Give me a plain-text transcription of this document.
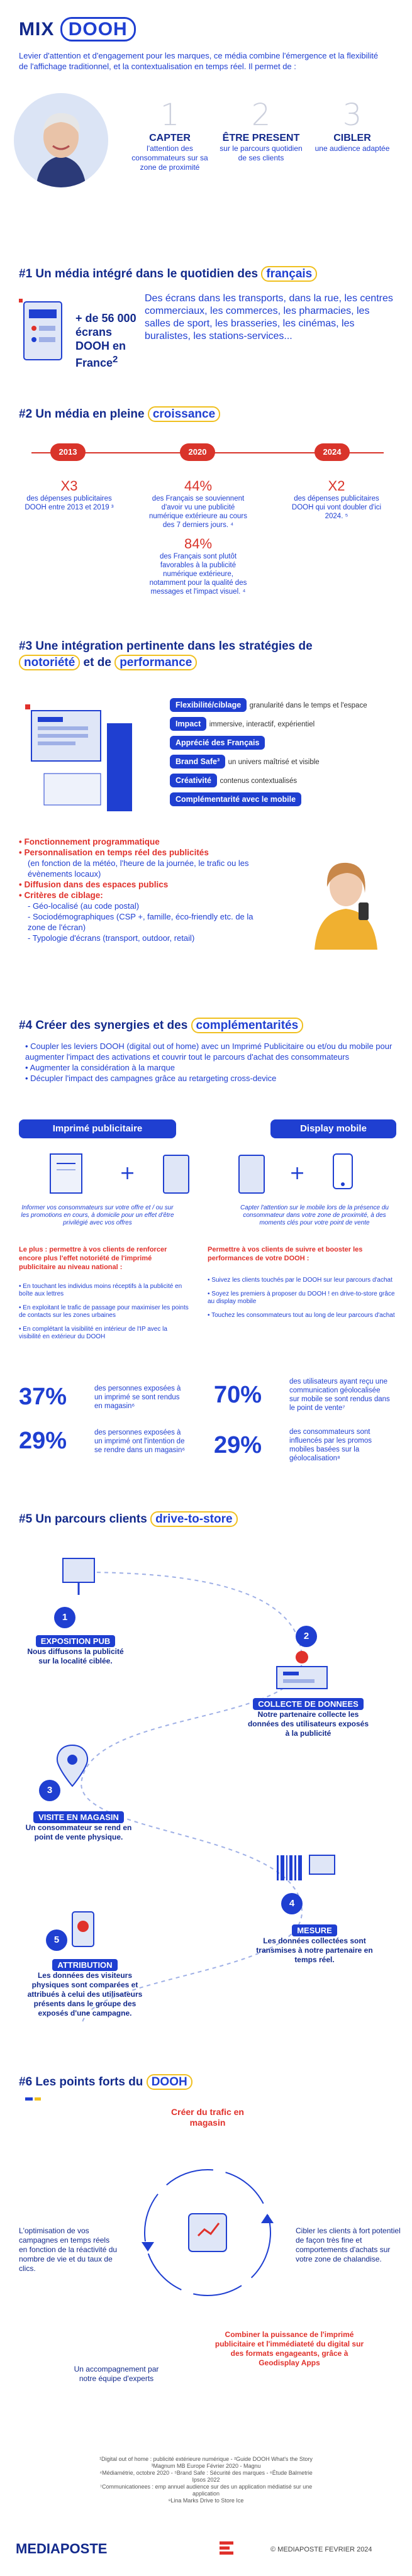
MIX DOOH
Levier d'attention et d'engagement pour les marques, ce média combine l'émergence et la flexibilité de l'affichage traditionnel, et la contextualisation en temps réel. Il permet de :
1
CAPTER
l'attention des consommateurs sur sa zone de proximité
2
ÊTRE PRESENT
sur le parcours quotidien de ses clients
3
CIBLER
une audience adaptée
#1 Un média intégré dans le quotidien des français
+ de 56 000 écrans DOOH en France$^2$
Des écrans dans les transports, dans la rue, les centres commerciaux, les commerces, les pharmacies, les salles de sport, les brasseries, les cinémas, les buralistes, les stations-services...
#2 Un média en pleine croissance
2013	2020	2024
X3
des dépenses publicitaires DOOH entre 2013 et 2019 ³
44%
des Français se souviennent d'avoir vu une publicité numérique extérieure au cours des 7 derniers jours. ⁴
84%
des Français sont plutôt favorables à la publicité numérique extérieure, notamment pour la qualité des messages et l'impact visuel. ⁴
X2
des dépenses publicitaires DOOH qui vont doubler d'ici 2024. ⁵
#3 Une intégration pertinente dans les stratégies de
notoriété et de performance
Flexibilité/ciblage granularité dans le temps et l'espace
Impact immersive, interactif, expérientiel
Apprécié des Français
Brand Safe³ un univers maîtrisé et visible
Créativité contenus contextualisés
Complémentarité avec le mobile
• Fonctionnement programmatique
• Personnalisation en temps réel des publicités
(en fonction de la météo, l'heure de la journée, le trafic ou les évènements locaux)
• Diffusion dans des espaces publics
• Critères de ciblage:
- Géo-localisé (au code postal)
- Sociodémographiques (CSP +, famille, éco-friendly etc. de la zone de l'écran)
- Typologie d'écrans (transport, outdoor, retail)
#4 Créer des synergies et des complémentarités
• Coupler les leviers DOOH (digital out of home) avec un Imprimé Publicitaire ou et/ou du mobile pour augmenter l'impact des activations et couvrir tout le parcours d'achat des consommateurs
• Augmenter la considération à la marque
• Décupler l'impact des campagnes grâce au retargeting cross-device
Imprimé publicitaire	Display mobile
+	+
Informer vos consommateurs sur votre offre et / ou sur les promotions en cours, à domicile pour un effet d'être privilégié avec vos offres
Capter l'attention sur le mobile lors de la présence du consommateur dans votre zone de proximité, à des moments clés pour votre point de vente
Le plus : permettre à vos clients de renforcer encore plus l'effet notoriété de l'imprimé publicitaire au niveau national :
• En touchant les individus moins réceptifs à la publicité en boîte aux lettres
• En exploitant le trafic de passage pour maximiser les points de contacts sur les zones urbaines
• En complétant la visibilité en intérieur de l'IP avec la visibilité en extérieur du DOOH
Permettre à vos clients de suivre et booster les performances de votre DOOH :
• Suivez les clients touchés par le DOOH sur leur parcours d'achat
• Soyez les premiers à proposer du DOOH ! en drive-to-store grâce au display mobile
• Touchez les consommateurs tout au long de leur parcours d'achat
37%	des personnes exposées à un imprimé se sont rendus en magasin⁶	70%	des utilisateurs ayant reçu une communication géolocalisée sur mobile se sont rendus dans le point de vente⁷
29%	des personnes exposées à un imprimé ont l'intention de se rendre dans un magasin⁶	29%	des consommateurs sont influencés par les promos mobiles basées sur la géolocalisation⁸
#5 Un parcours clients drive-to-store
1
EXPOSITION PUB
Nous diffusons la publicité sur la localité ciblée.
2
COLLECTE DE DONNEES
Notre partenaire collecte les données des utilisateurs exposés à la publicité
3
VISITE EN MAGASIN
Un consommateur se rend en point de vente physique.
4
MESURE
Les données collectées sont transmises à notre partenaire en temps réel.
5
ATTRIBUTION
Les données des visiteurs physiques sont comparées et attribués à celui des utilisateurs présents dans le groupe des exposés d'une campagne.
#6 Les points forts du DOOH
Créer du trafic en magasin
Cibler les clients à fort potentiel de façon très fine et comportements d'achats sur votre zone de chalandise.
Combiner la puissance de l'imprimé publicitaire et l'immédiateté du digital sur des formats engageants, grâce à Geodisplay Apps
Un accompagnement par notre équipe d'experts
L'optimisation de vos campagnes en temps réels en fonction de la réactivité du nombre de vie et du taux de clics.
¹Digital out of home : publicité extérieure numérique - ²Guide DOOH What's the Story
³Magnum MB Europe Février 2020 - Magnu
⁴Médiamétrie, octobre 2020 - ⁵Brand Safe : Sécurité des marques - ⁶Étude Balmetrie Ipsos 2022
⁷Communicationees : emp annuel audience sur des un application médiatisé sur une application
⁸Lina Marks Drive to Store Ice
MEDIAPOSTE	© MEDIAPOSTE FEVRIER 2024
